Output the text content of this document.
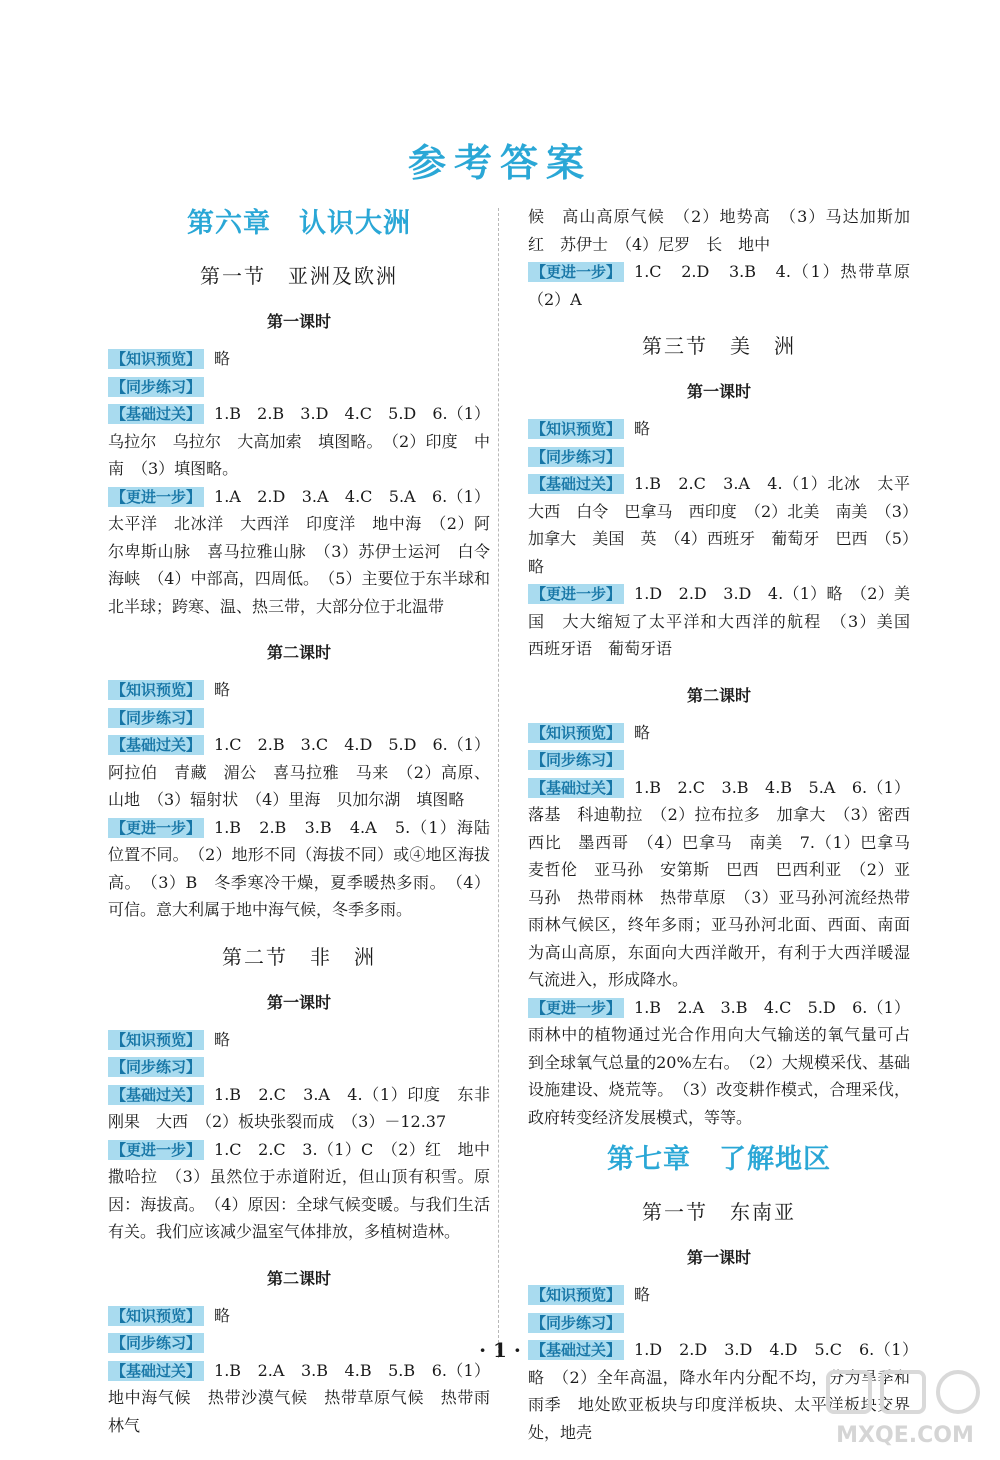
参考答案
第六章　认识大洲
第一节　亚洲及欧洲
第一课时

【知识预览】 略

【同步练习】

【基础过关】 1.B　2.B　3.D　4.C　5.D　6.（1）乌拉尔　乌拉尔　大高加索　填图略。　（2）印度　中南　（3）填图略。

【更进一步】 1.A　2.D　3.A　4.C　5.A　6.（1）太平洋　北冰洋　大西洋　印度洋　地中海　（2）阿尔卑斯山脉　喜马拉雅山脉　（3）苏伊士运河　白令海峡　（4）中部高，四周低。　（5）主要位于东半球和北半球；跨寒、温、热三带，大部分位于北温带

第二课时

【知识预览】 略

【同步练习】

【基础过关】 1.C　2.B　3.C　4.D　5.D　6.（1）阿拉伯　青藏　湄公　喜马拉雅　马来　（2）高原、山地　（3）辐射状　（4）里海　贝加尔湖　填图略

【更进一步】 1.B　2.B　3.B　4.A　5.（1）海陆位置不同。　（2）地形不同（海拔不同）或④地区海拔高。　（3）B　冬季寒冷干燥，夏季暖热多雨。　（4）可信。意大利属于地中海气候，冬季多雨。

第二节　非　洲
第一课时

【知识预览】 略

【同步练习】

【基础过关】 1.B　2.C　3.A　4.（1）印度　东非　刚果　大西　（2）板块张裂而成　（3）－12.37

【更进一步】 1.C　2.C　3.（1）C　（2）红　地中撒哈拉　（3）虽然位于赤道附近，但山顶有积雪。原因：海拔高。　（4）原因：全球气候变暖。与我们生活有关。我们应该减少温室气体排放，多植树造林。

第二课时

【知识预览】 略

【同步练习】

【基础过关】 1.B　2.A　3.B　4.B　5.B　6.（1）地中海气候　热带沙漠气候　热带草原气候　热带雨林气

候　高山高原气候　（2）地势高　（3）马达加斯加　红　苏伊士　（4）尼罗　长　地中

【更进一步】 1.C　2.D　3.B　4.（1）热带草原　（2）A

第三节　美　洲
第一课时

【知识预览】 略

【同步练习】

【基础过关】 1.B　2.C　3.A　4.（1）北冰　太平　大西　白令　巴拿马　西印度　（2）北美　南美　（3）加拿大　美国　英　（4）西班牙　葡萄牙　巴西　（5）略

【更进一步】 1.D　2.D　3.D　4.（1）略　（2）美国　大大缩短了太平洋和大西洋的航程　（3）美国　西班牙语　葡萄牙语

第二课时

【知识预览】 略

【同步练习】

【基础过关】 1.B　2.C　3.B　4.B　5.A　6.（1）落基　科迪勒拉　（2）拉布拉多　加拿大　（3）密西西比　墨西哥　（4）巴拿马　南美　7.（1）巴拿马　麦哲伦　亚马孙　安第斯　巴西　巴西利亚　（2）亚马孙　热带雨林　热带草原　（3）亚马孙河流经热带雨林气候区，终年多雨；亚马孙河北面、西面、南面为高山高原，东面向大西洋敞开，有利于大西洋暖湿气流进入，形成降水。

【更进一步】 1.B　2.A　3.B　4.C　5.D　6.（1）雨林中的植物通过光合作用向大气输送的氧气量可占到全球氧气总量的20%左右。　（2）大规模采伐、基础设施建设、烧荒等。　（3）改变耕作模式，合理采伐，政府转变经济发展模式，等等。

第七章　了解地区
第一节　东南亚
第一课时

【知识预览】 略

【同步练习】

【基础过关】 1.D　2.D　3.D　4.D　5.C　6.（1）略　（2）全年高温，降水年内分配不均，分为旱季和雨季　地处欧亚板块与印度洋板块、太平洋板块交界处，地壳

· 1 ·
MXQE.COM
